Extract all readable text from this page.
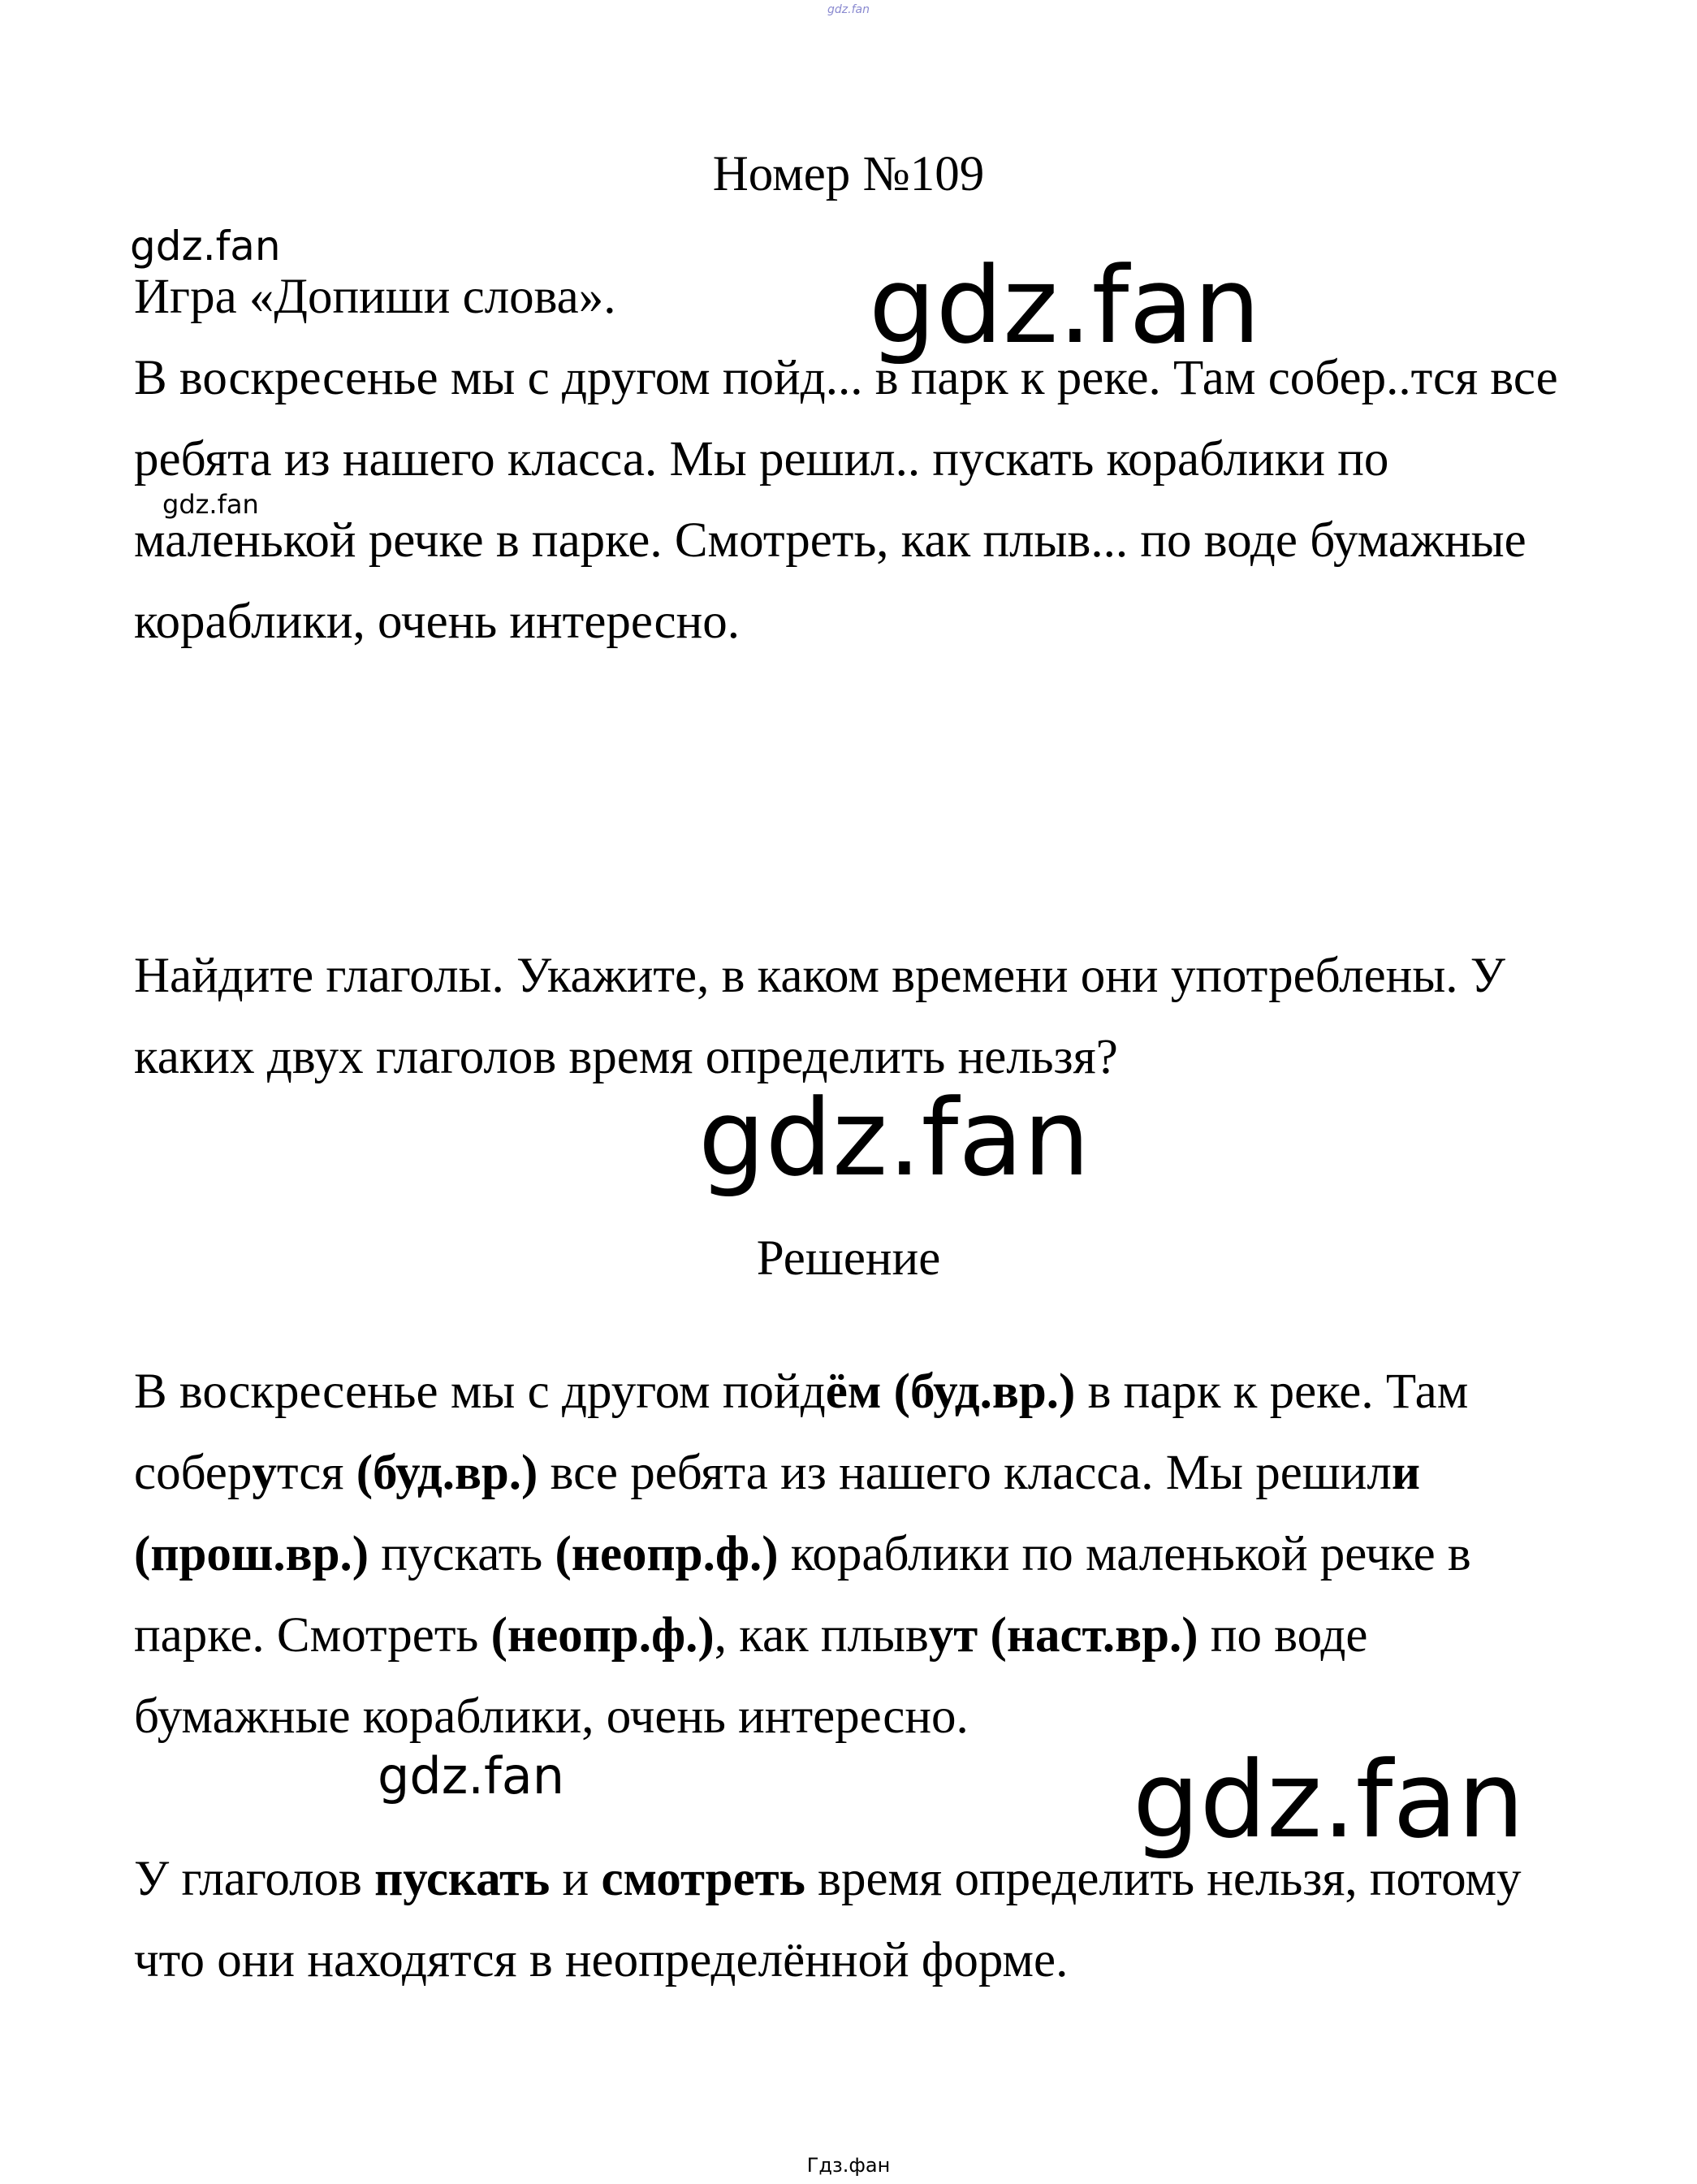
gdz.fan
Номер №109
Игра «Допиши слова».
В воскресенье мы с другом пойд... в парк к реке. Там собер..тся все ребята из нашего класса. Мы решил.. пускать кораблики по маленькой речке в парке. Смотреть, как плыв... по воде бумажные кораблики, очень интересно.
Найдите глаголы. Укажите, в каком времени они употреблены. У каких двух глаголов время определить нельзя?
Решение
В воскресенье мы с другом пойдём (буд.вр.) в парк к реке. Там соберутся (буд.вр.) все ребята из нашего класса. Мы решили (прош.вр.) пускать (неопр.ф.) кораблики по маленькой речке в парке. Смотреть (неопр.ф.), как плывут (наст.вр.) по воде бумажные кораблики, очень интересно.
У глаголов пускать и смотреть время определить нельзя, потому что они находятся в неопределённой форме.
gdz.fan	gdz.fan
gdz.fan
gdz.fan
gdz.fan	gdz.fan
Гдз.фан
